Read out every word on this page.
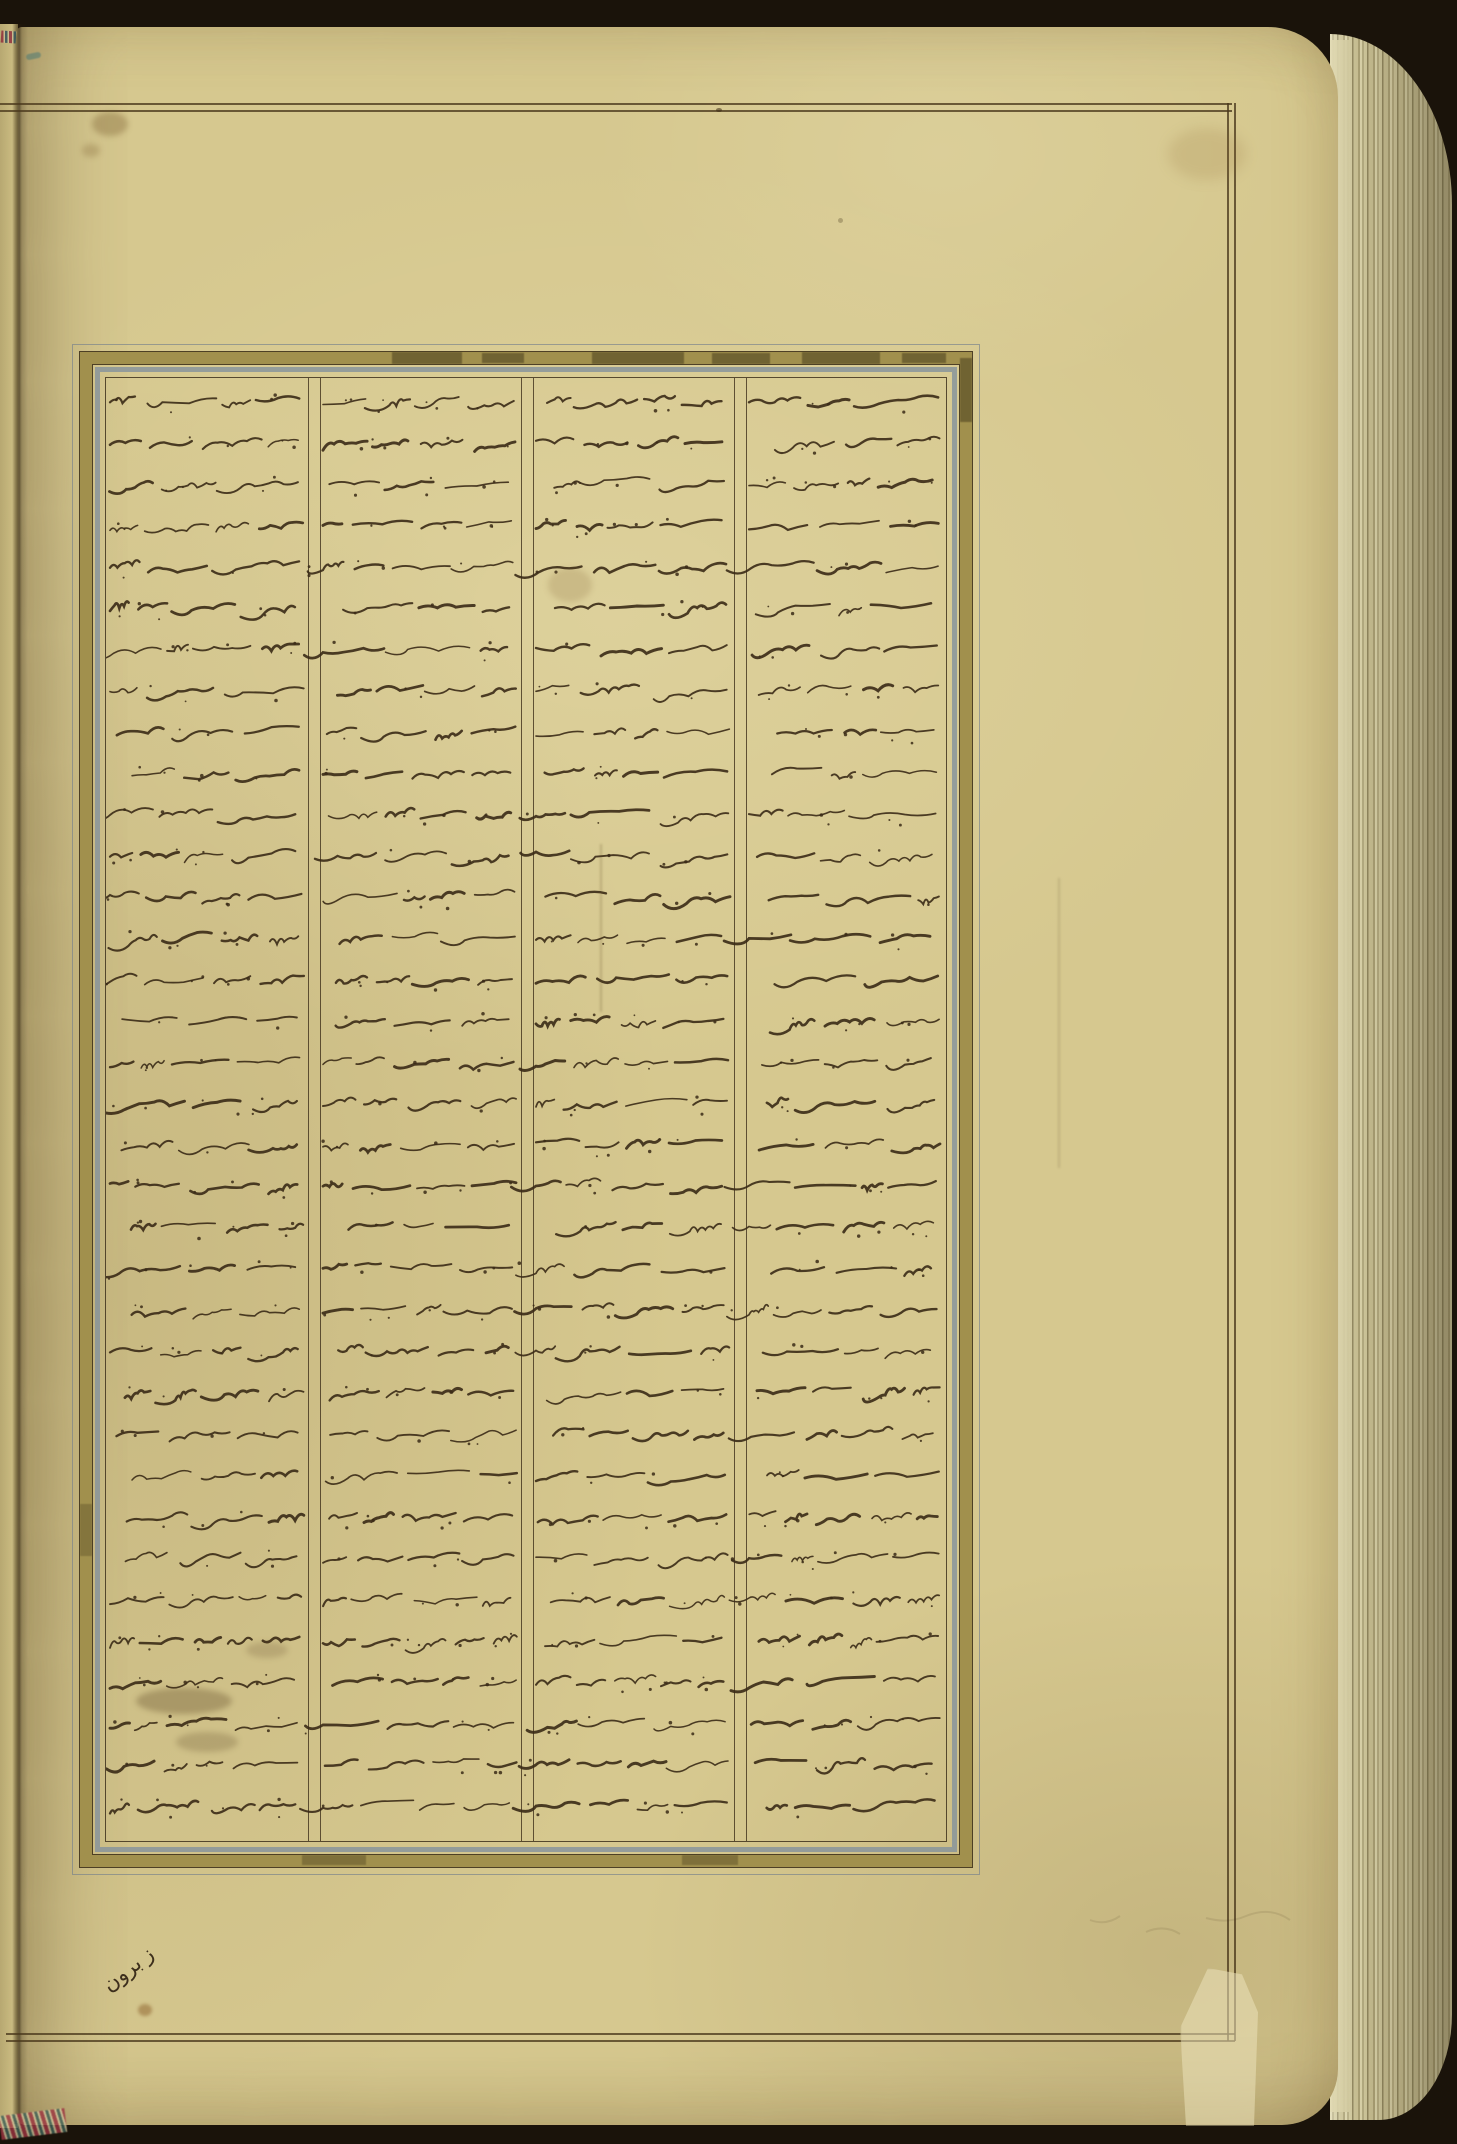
ز برون
